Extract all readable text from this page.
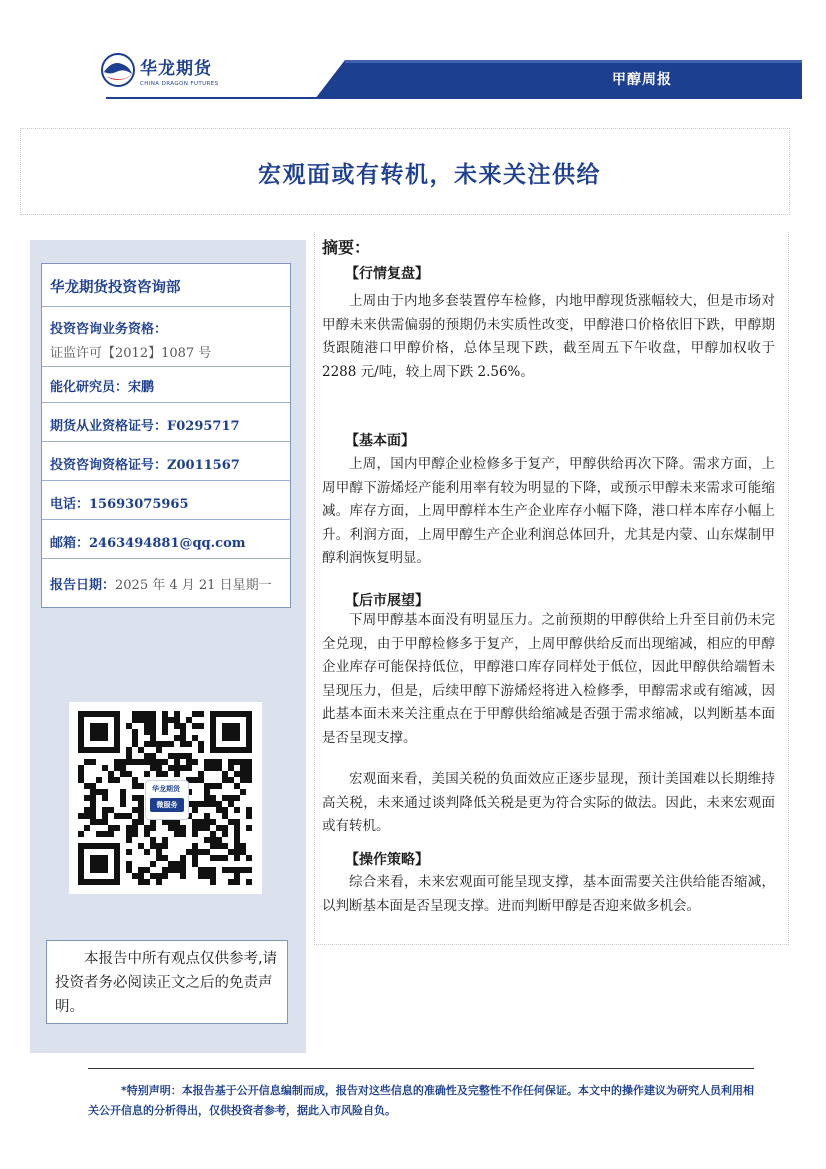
华龙期货
CHINA DRAGON FUTURES	甲醇周报
宏观面或有转机，未来关注供给
华龙期货投资咨询部
投资咨询业务资格：
证监许可【2012】1087 号
能化研究员：宋鹏
期货从业资格证号：F0295717
投资咨询资格证号：Z0011567
电话：15693075965
邮箱：2463494881@qq.com
报告日期：2025 年 4 月 21 日星期一
华龙期货
微服务
本报告中所有观点仅供参考,请投资者务必阅读正文之后的免责声明。
摘要：
【行情复盘】
上周由于内地多套装置停车检修，内地甲醇现货涨幅较大，但是市场对甲醇未来供需偏弱的预期仍未实质性改变，甲醇港口价格依旧下跌，甲醇期货跟随港口甲醇价格，总体呈现下跌，截至周五下午收盘，甲醇加权收于 2288 元/吨，较上周下跌 2.56%。
【基本面】
上周，国内甲醇企业检修多于复产，甲醇供给再次下降。需求方面，上周甲醇下游烯烃产能利用率有较为明显的下降，或预示甲醇未来需求可能缩减。库存方面，上周甲醇样本生产企业库存小幅下降，港口样本库存小幅上升。利润方面，上周甲醇生产企业利润总体回升，尤其是内蒙、山东煤制甲醇利润恢复明显。
【后市展望】
下周甲醇基本面没有明显压力。之前预期的甲醇供给上升至目前仍未完全兑现，由于甲醇检修多于复产，上周甲醇供给反而出现缩减，相应的甲醇企业库存可能保持低位，甲醇港口库存同样处于低位，因此甲醇供给端暂未呈现压力，但是，后续甲醇下游烯烃将进入检修季，甲醇需求或有缩减，因此基本面未来关注重点在于甲醇供给缩减是否强于需求缩减，以判断基本面是否呈现支撑。
宏观面来看，美国关税的负面效应正逐步显现，预计美国难以长期维持高关税，未来通过谈判降低关税是更为符合实际的做法。因此，未来宏观面或有转机。
【操作策略】
综合来看，未来宏观面可能呈现支撑，基本面需要关注供给能否缩减，以判断基本面是否呈现支撑。进而判断甲醇是否迎来做多机会。
*特别声明：本报告基于公开信息编制而成，报告对这些信息的准确性及完整性不作任何保证。本文中的操作建议为研究人员利用相关公开信息的分析得出，仅供投资者参考，据此入市风险自负。
